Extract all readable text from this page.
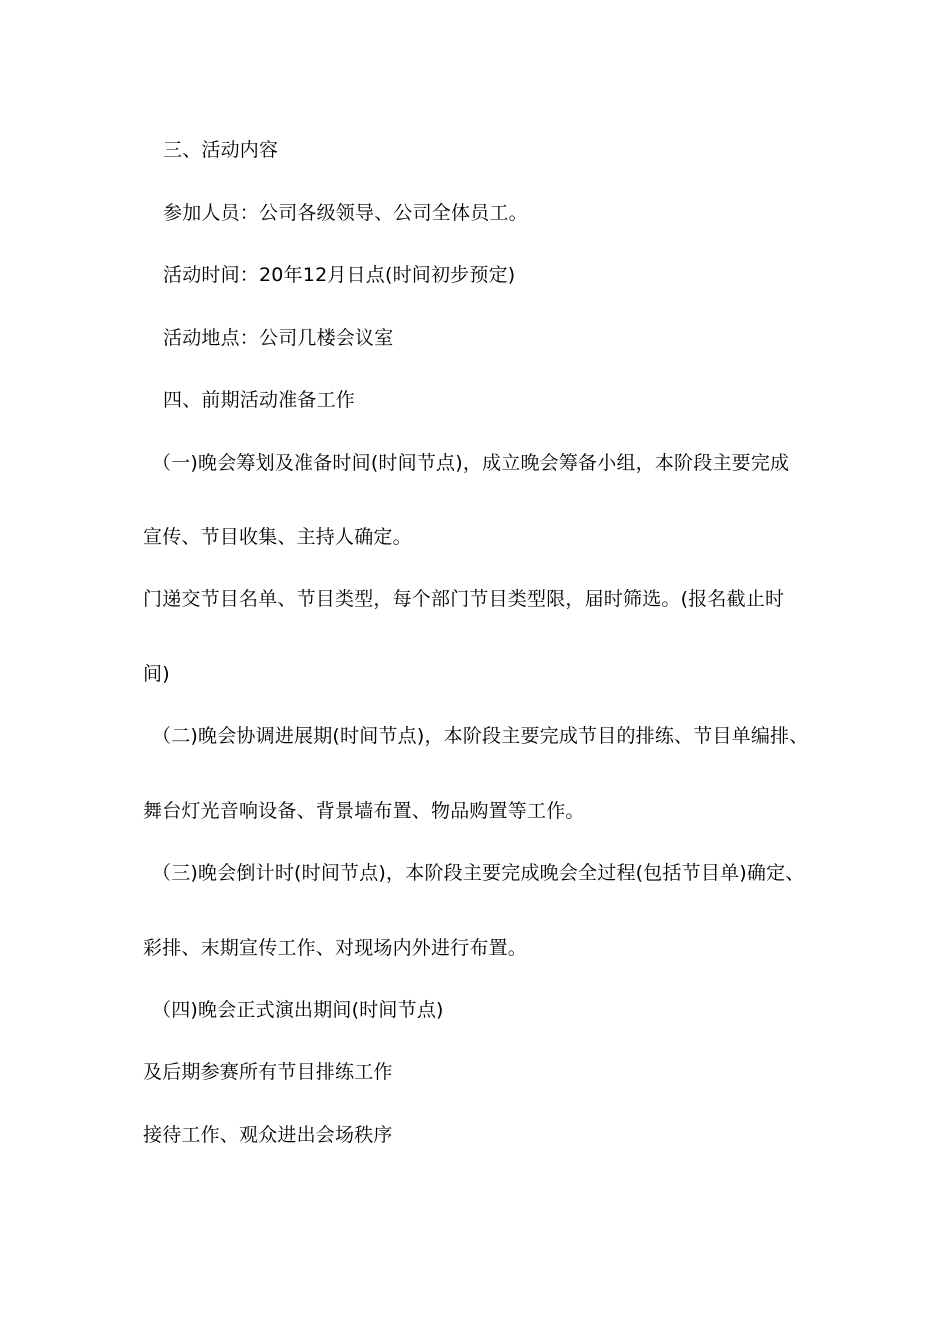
三、活动内容
参加人员：公司各级领导、公司全体员工。
活动时间：20年12月日点(时间初步预定)
活动地点：公司几楼会议室
四、前期活动准备工作
（一)晚会筹划及准备时间(时间节点)，成立晚会筹备小组，本阶段主要完成
宣传、节目收集、主持人确定。
门递交节目名单、节目类型，每个部门节目类型限，届时筛选。(报名截止时
间)
（二)晚会协调进展期(时间节点)，本阶段主要完成节目的排练、节目单编排、
舞台灯光音响设备、背景墙布置、物品购置等工作。
（三)晚会倒计时(时间节点)，本阶段主要完成晚会全过程(包括节目单)确定、
彩排、末期宣传工作、对现场内外进行布置。
（四)晚会正式演出期间(时间节点)
及后期参赛所有节目排练工作
接待工作、观众进出会场秩序
